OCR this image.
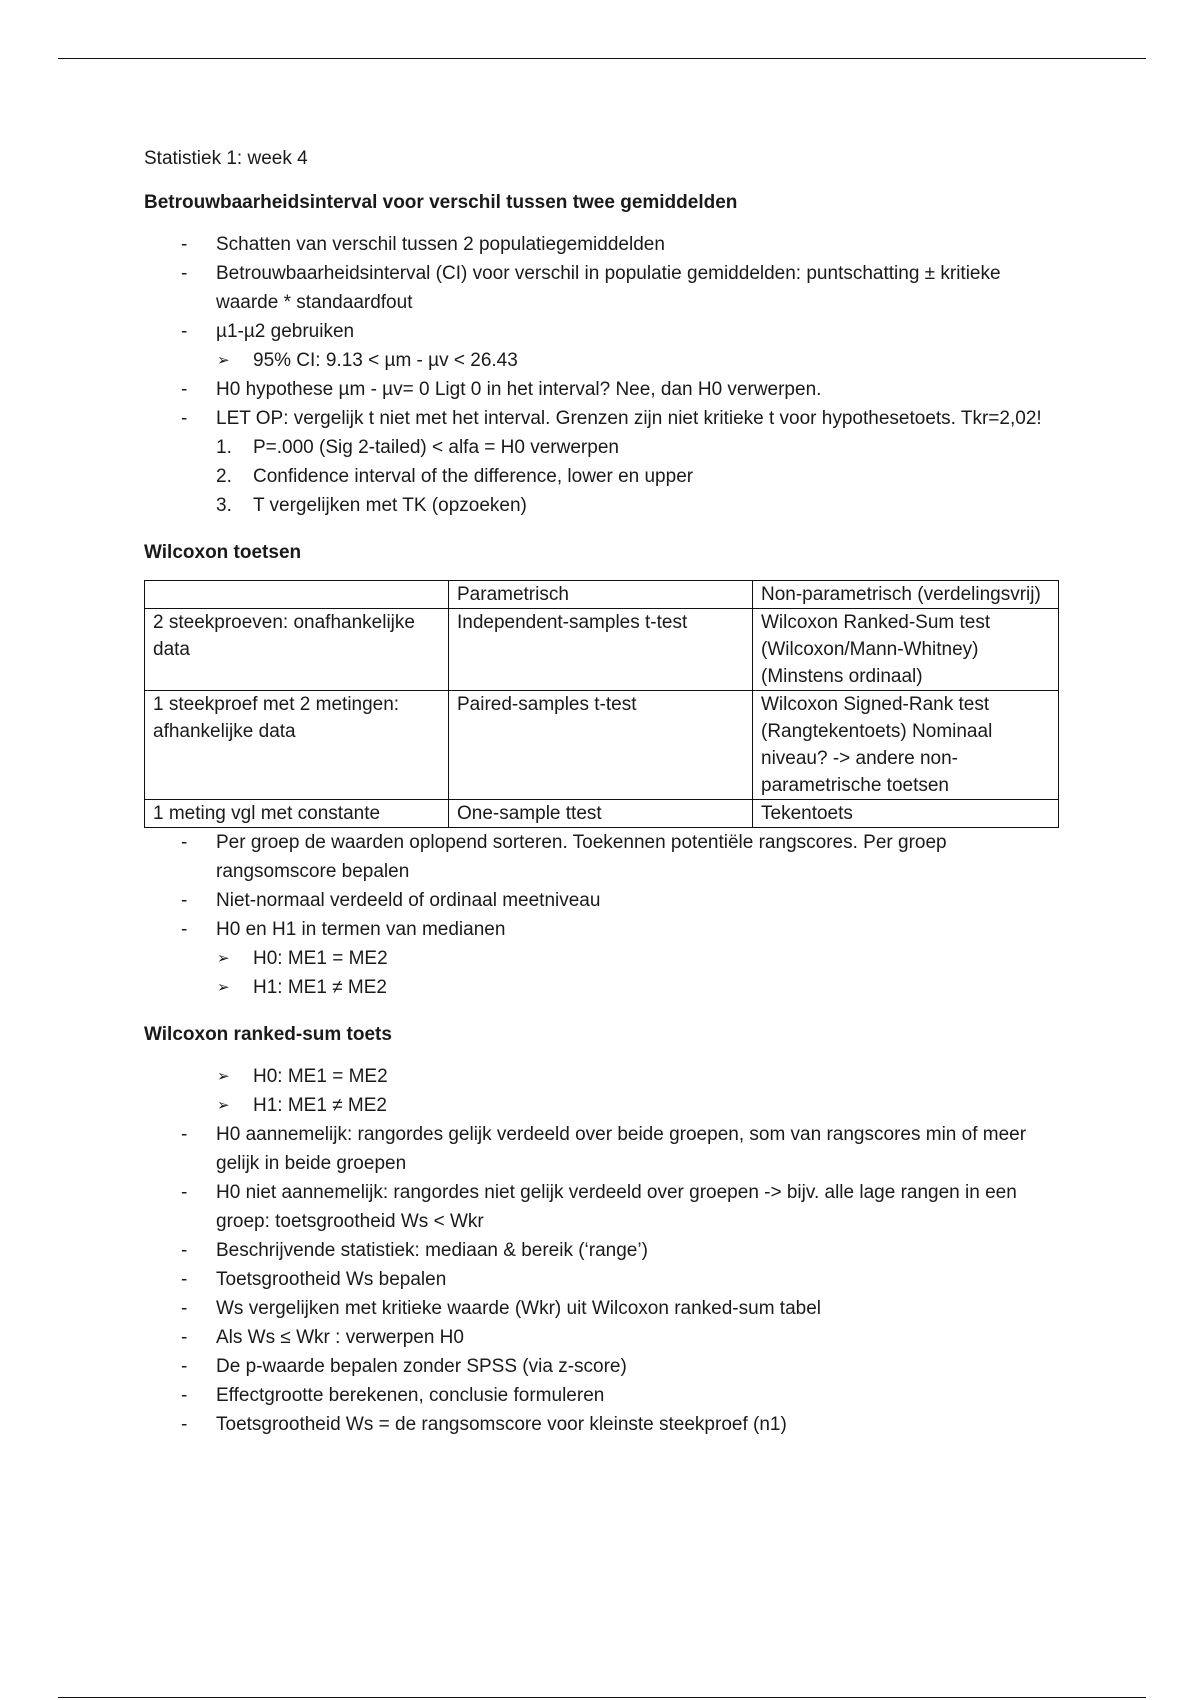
Statistiek 1: week 4

Betrouwbaarheidsinterval voor verschil tussen twee gemiddelden
- Schatten van verschil tussen 2 populatiegemiddelden
- Betrouwbaarheidsinterval (CI) voor verschil in populatie gemiddelden: puntschatting ± kritieke waarde * standaardfout
- µ1-µ2 gebruiken
➢ 95% CI: 9.13 < µm - µv < 26.43
- H0 hypothese µm - µv= 0 Ligt 0 in het interval? Nee, dan H0 verwerpen.
- LET OP: vergelijk t niet met het interval. Grenzen zijn niet kritieke t voor hypothesetoets. Tkr=2,02!
P=.000 (Sig 2-tailed) < alfa = H0 verwerpen
Confidence interval of the difference, lower en upper
T vergelijken met TK (opzoeken)
Wilcoxon toetsen
	Parametrisch	Non-parametrisch (verdelingsvrij)
2 steekproeven: onafhankelijke data	Independent-samples t-test	Wilcoxon Ranked-Sum test (Wilcoxon/Mann-Whitney) (Minstens ordinaal)
1 steekproef met 2 metingen: afhankelijke data	Paired-samples t-test	Wilcoxon Signed-Rank test (Rangtekentoets) Nominaal niveau? -> andere non-parametrische toetsen
1 meting vgl met constante	One-sample ttest	Tekentoets
- Per groep de waarden oplopend sorteren. Toekennen potentiële rangscores. Per groep rangsomscore bepalen
- Niet-normaal verdeeld of ordinaal meetniveau
- H0 en H1 in termen van medianen
➢ H0: ME1 = ME2
➢ H1: ME1 ≠ ME2
Wilcoxon ranked-sum toets
➢ H0: ME1 = ME2
➢ H1: ME1 ≠ ME2
- H0 aannemelijk: rangordes gelijk verdeeld over beide groepen, som van rangscores min of meer gelijk in beide groepen
- H0 niet aannemelijk: rangordes niet gelijk verdeeld over groepen -> bijv. alle lage rangen in een groep: toetsgrootheid Ws < Wkr
- Beschrijvende statistiek: mediaan & bereik (‘range’)
- Toetsgrootheid Ws bepalen
- Ws vergelijken met kritieke waarde (Wkr) uit Wilcoxon ranked-sum tabel
- Als Ws ≤ Wkr : verwerpen H0
- De p-waarde bepalen zonder SPSS (via z-score)
- Effectgrootte berekenen, conclusie formuleren
- Toetsgrootheid Ws = de rangsomscore voor kleinste steekproef (n1)
